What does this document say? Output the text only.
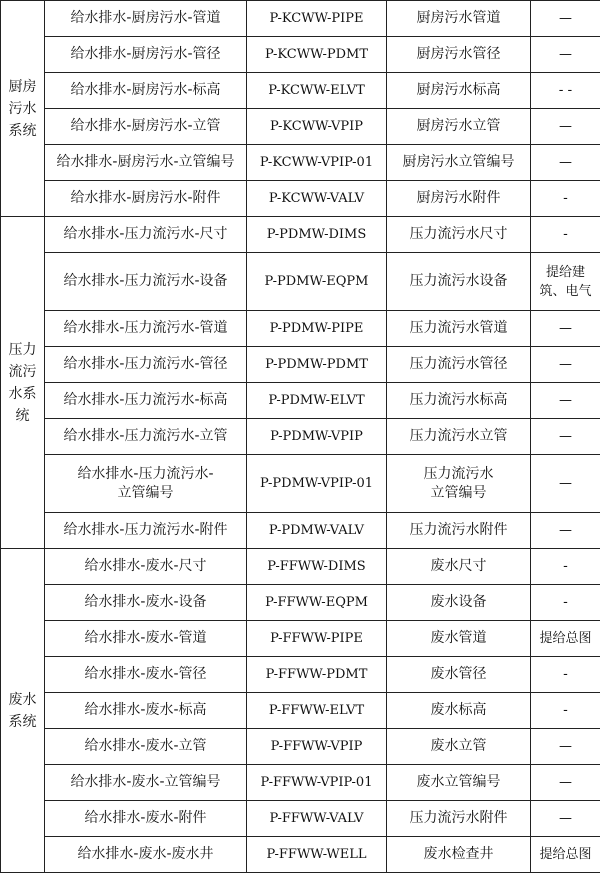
厨房
污水
系统	给水排水-厨房污水-管道	P-KCWW-PIPE	厨房污水管道	—
	给水排水-厨房污水-管径	P-KCWW-PDMT	厨房污水管径	—
	给水排水-厨房污水-标高	P-KCWW-ELVT	厨房污水标高	- -
	给水排水-厨房污水-立管	P-KCWW-VPIP	厨房污水立管	—
	给水排水-厨房污水-立管编号	P-KCWW-VPIP-01	厨房污水立管编号	—
	给水排水-厨房污水-附件	P-KCWW-VALV	厨房污水附件	-
压力
流污
水系
统	给水排水-压力流污水-尺寸	P-PDMW-DIMS	压力流污水尺寸	-
	给水排水-压力流污水-设备	P-PDMW-EQPM	压力流污水设备	提给建
筑、电气
	给水排水-压力流污水-管道	P-PDMW-PIPE	压力流污水管道	—
	给水排水-压力流污水-管径	P-PDMW-PDMT	压力流污水管径	—
	给水排水-压力流污水-标高	P-PDMW-ELVT	压力流污水标高	—
	给水排水-压力流污水-立管	P-PDMW-VPIP	压力流污水立管	—
	给水排水-压力流污水-
立管编号	P-PDMW-VPIP-01	压力流污水
立管编号	—
	给水排水-压力流污水-附件	P-PDMW-VALV	压力流污水附件	—
废水
系统	给水排水-废水-尺寸	P-FFWW-DIMS	废水尺寸	-
	给水排水-废水-设备	P-FFWW-EQPM	废水设备	-
	给水排水-废水-管道	P-FFWW-PIPE	废水管道	提给总图
	给水排水-废水-管径	P-FFWW-PDMT	废水管径	-
	给水排水-废水-标高	P-FFWW-ELVT	废水标高	-
	给水排水-废水-立管	P-FFWW-VPIP	废水立管	—
	给水排水-废水-立管编号	P-FFWW-VPIP-01	废水立管编号	—
	给水排水-废水-附件	P-FFWW-VALV	压力流污水附件	—
	给水排水-废水-废水井	P-FFWW-WELL	废水检查井	提给总图
